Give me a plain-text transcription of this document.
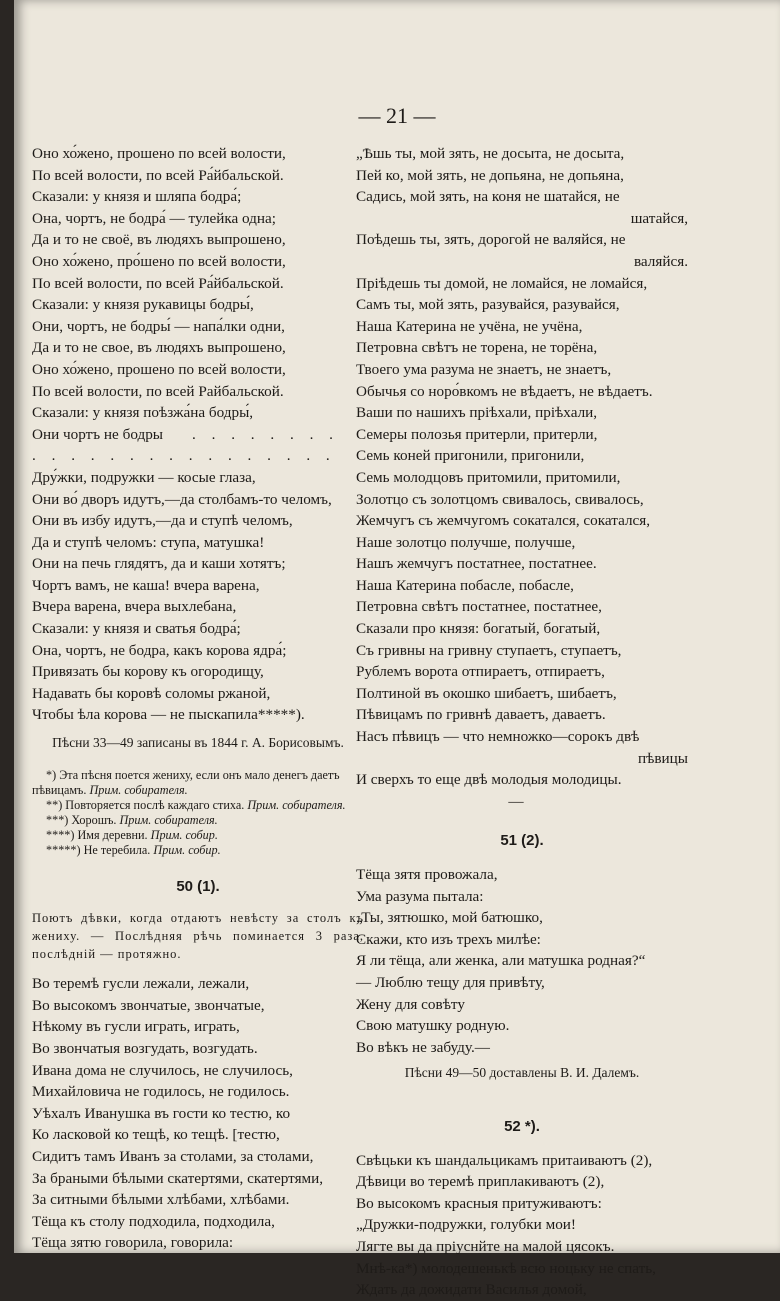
— 21 —
Оно хо́жено, прошено по всей волости,
По всей волости, по всей Ра́йбальской.
Сказали: у князя и шляпа бодра́;
Она, чортъ, не бодра́ — тулейка одна;
Да и то не своё, въ людяхъ выпрошено,
Оно хо́жено, про́шено по всей волости,
По всей волости, по всей Ра́йбальской.
Сказали: у князя рукавицы бодры́,
Они, чортъ, не бодры́ — напа́лки одни,
Да и то не свое, въ людяхъ выпрошено,
Оно хо́жено, прошено по всей волости,
По всей волости, по всей Райбальской.
Сказали: у князя поѣзжа́на бодры́,
Они чортъ не бодры	. . . . . . . .
. . . . . . . . . . . . . . . .
Дру́жки, подружки — косые глаза,
Они во́ дворъ идутъ,—да столбамъ-то челомъ,
Они въ избу идутъ,—да и ступѣ челомъ,
Да и ступѣ челомъ: ступа, матушка!
Они на печь глядятъ, да и каши хотятъ;
Чортъ вамъ, не каша! вчера варена,
Вчера варена, вчера выхлебана,
Сказали: у князя и сватья бодра́;
Она, чортъ, не бодра, какъ корова ядра́;
Привязать бы корову къ огородищу,
Надавать бы коровѣ соломы ржаной,
Чтобы ѣла корова — не пыскапила*****).
Пѣсни 33—49 записаны въ 1844 г. А. Борисовымъ.

*) Эта пѣсня поется жениху, если онъ мало денегъ даетъ пѣвицамъ. Прим. собирателя.

**) Повторяется послѣ каждаго стиха. Прим. собирателя.

***) Хорошъ. Прим. собирателя.

****) Имя деревни. Прим. собир.

*****) Не теребила. Прим. собир.

50 (1).
Поютъ дѣвки, когда отдаютъ невѣсту за столъ къ жениху. — Послѣдняя рѣчь поминается 3 раза, послѣдній — протяжно.
Во теремѣ гусли лежали, лежали,
Во высокомъ звончатые, звончатые,
Нѣкому въ гусли играть, играть,
Во звончатыя возгудать, возгудать.
Ивана дома не случилось, не случилось,
Михайловича не годилось, не годилось.
Уѣхалъ Иванушка въ гости ко тестю, ко
Ко ласковой ко тещѣ, ко тещѣ. [тестю,
Сидитъ тамъ Иванъ за столами, за столами,
За браными бѣлыми скатертями, скатертями,
За ситными бѣлыми хлѣбами, хлѣбами.
Тёща къ столу подходила, подходила,
Тёща зятю говорила, говорила:
„Ѣшь ты, мой зять, не досыта, не досыта,
Пей ко, мой зять, не допьяна, не допьяна,
Садись, мой зять, на коня не шатайся, не
шатайся,
Поѣдешь ты, зять, дорогой не валяйся, не
валяйся.
Пріѣдешь ты домой, не ломайся, не ломайся,
Самъ ты, мой зять, разувайся, разувайся,
Наша Катерина не учёна, не учёна,
Петровна свѣтъ не торена, не торёна,
Твоего ума разума не знаетъ, не знаетъ,
Обычья со норо́вкомъ не вѣдаетъ, не вѣдаетъ.
Ваши по нашихъ пріѣхали, пріѣхали,
Семеры полозья притерли, притерли,
Семь коней пригонили, пригонили,
Семь молодцовъ притомили, притомили,
Золотцо съ золотцомъ свивалось, свивалось,
Жемчугъ съ жемчугомъ сокатался, сокатался,
Наше золотцо получше, получше,
Нашъ жемчугъ постатнее, постатнее.
Наша Катерина побасле, побасле,
Петровна свѣтъ постатнее, постатнее,
Сказали про князя: богатый, богатый,
Съ гривны на гривну ступаетъ, ступаетъ,
Рублемъ ворота отпираетъ, отпираетъ,
Полтиной въ окошко шибаетъ, шибаетъ,
Пѣвицамъ по гривнѣ даваетъ, даваетъ.
Насъ пѣвицъ — что немножко—сорокъ двѣ
пѣвицы
И сверхъ то еще двѣ молодыя молодицы.
—
51 (2).
Тёща зятя провожала,
Ума разума пытала:
„Ты, зятюшко, мой батюшко,
Скажи, кто изъ трехъ милѣе:
Я ли тёща, али женка, али матушка родная?“
— Люблю тещу для привѣту,
Жену для совѣту
Свою матушку родную.
Во вѣкъ не забуду.—
Пѣсни 49—50 доставлены В. И. Далемъ.
52 *).
Свѣцьки къ шандальцикамъ притаиваютъ (2),
Дѣвици во теремѣ приплакиваютъ (2),
Во высокомъ красныя притуживаютъ:
„Дружки-подружки, голубки мои!
Лягте вы да пріуснйте на малой цясокъ.
Мнѣ-ка*) молодешенькѣ всю ноцьку не спать,
Ждать да дожидати Василья домой,
